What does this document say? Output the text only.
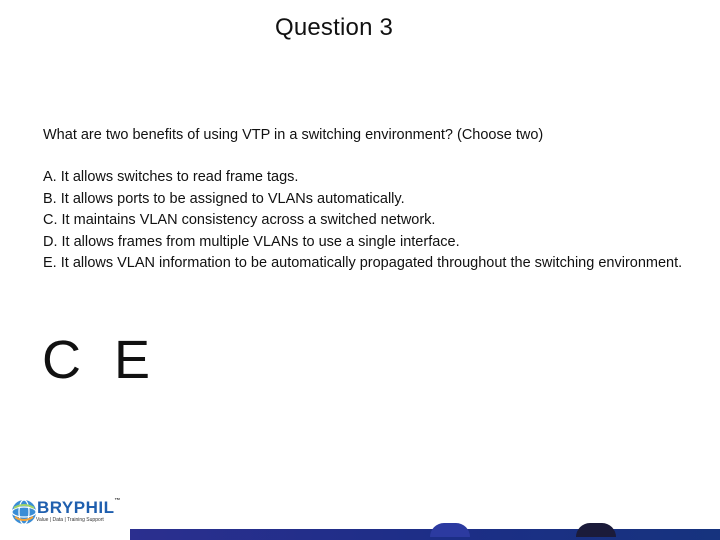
Question 3
What are two benefits of using VTP in a switching environment? (Choose two)
A. It allows switches to read frame tags.
B. It allows ports to be assigned to VLANs automatically.
C. It maintains VLAN consistency across a switched network.
D. It allows frames from multiple VLANs to use a single interface.
E. It allows VLAN information to be automatically propagated throughout the switching environment.
C E
BRYPHIL™
Value | Data | Training Support
